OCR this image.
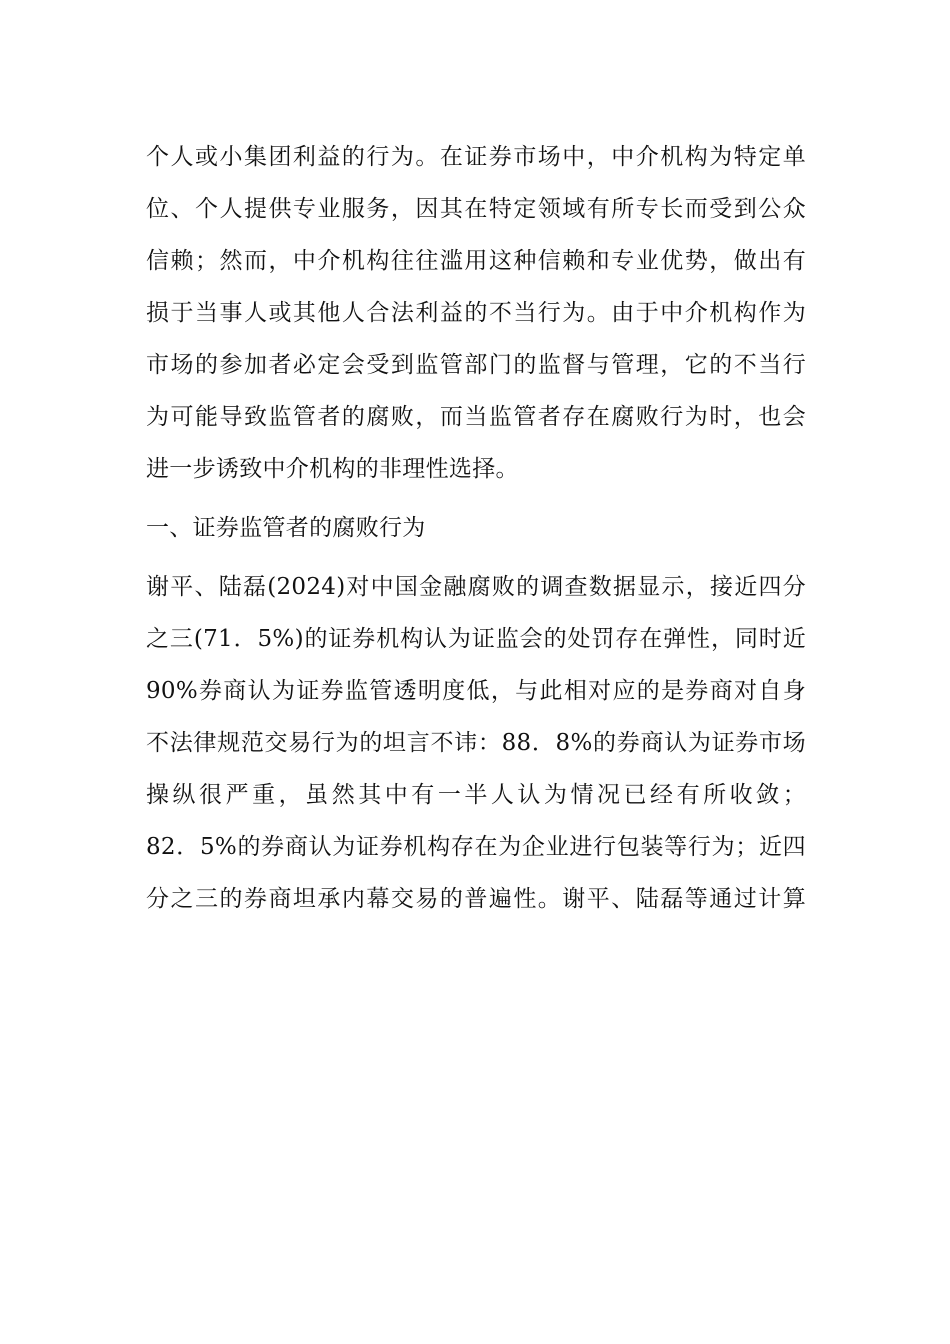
个人或小集团利益的行为。在证券市场中，中介机构为特定单
位、个人提供专业服务，因其在特定领域有所专长而受到公众
信赖；然而，中介机构往往滥用这种信赖和专业优势，做出有
损于当事人或其他人合法利益的不当行为。由于中介机构作为
市场的参加者必定会受到监管部门的监督与管理，它的不当行
为可能导致监管者的腐败，而当监管者存在腐败行为时，也会
进一步诱致中介机构的非理性选择。
一、证券监管者的腐败行为
谢平、陆磊(2024)对中国金融腐败的调查数据显示，接近四分
之三(71．5%)的证券机构认为证监会的处罚存在弹性，同时近
90%券商认为证券监管透明度低，与此相对应的是券商对自身
不法律规范交易行为的坦言不讳：88．8%的券商认为证券市场
操纵很严重，虽然其中有一半人认为情况已经有所收敛；
82．5%的券商认为证券机构存在为企业进行包装等行为；近四
分之三的券商坦承内幕交易的普遍性。谢平、陆磊等通过计算
